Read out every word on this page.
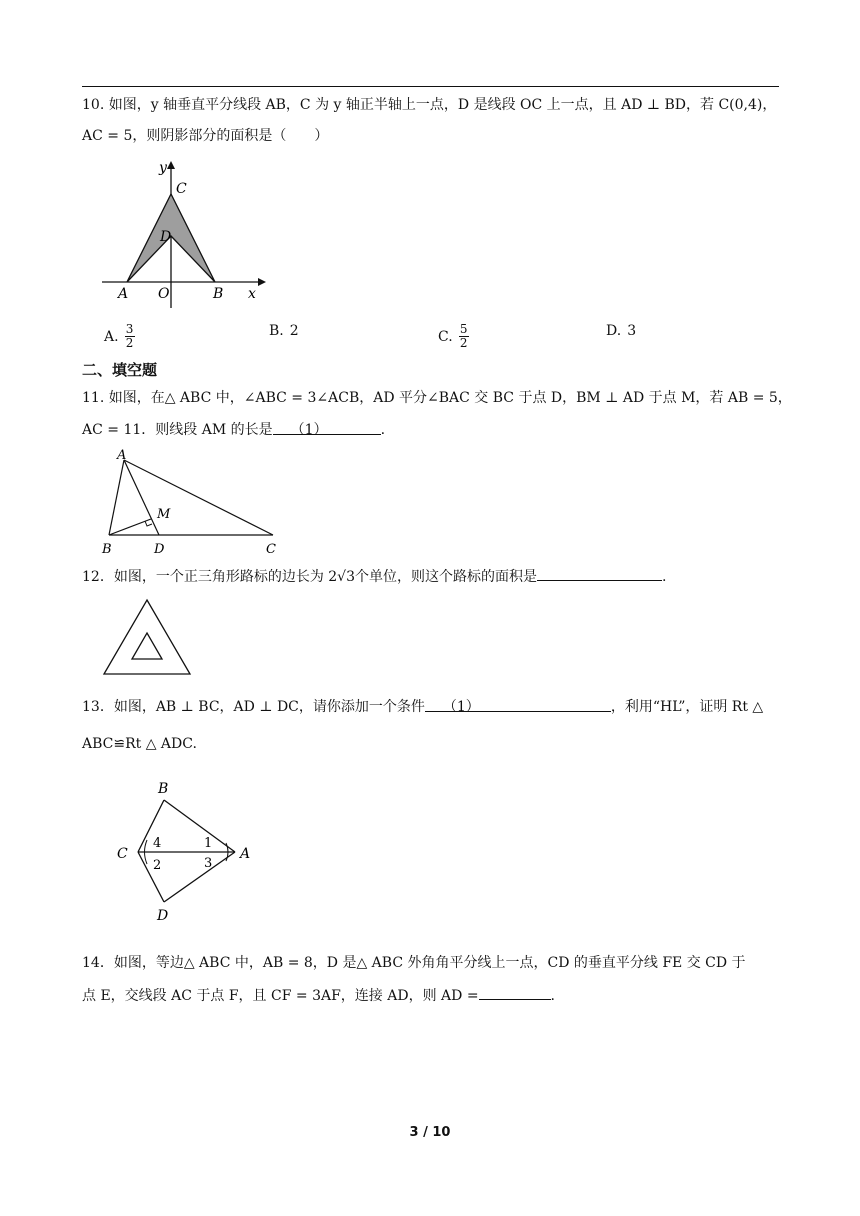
10. 如图，y 轴垂直平分线段 AB，C 为 y 轴正半轴上一点，D 是线段 OC 上一点，且 AD ⊥ BD，若 C(0,4)，
AC = 5，则阴影部分的面积是（　　）
y
C
D
A O	B x
A. $\frac{3}{2}$	B. 2	C. $\frac{5}{2}$	D. 3
二、填空题
11. 如图，在△ ABC 中，∠ABC = 3∠ACB，AD 平分∠BAC 交 BC 于点 D，BM ⊥ AD 于点 M，若 AB = 5，
AC = 11．则线段 AM 的长是 （1）	.
A
M
B	D	C
12．如图，一个正三角形路标的边长为 2√3个单位，则这个路标的面积是	.
13．如图，AB ⊥ BC，AD ⊥ DC，请你添加一个条件 （1）	，利用“HL”，证明 Rt △
ABC≌Rt △ ADC.
B
C	A
D
4
2
1
3
14．如图，等边△ ABC 中，AB = 8，D 是△ ABC 外角角平分线上一点，CD 的垂直平分线 FE 交 CD 于
点 E，交线段 AC 于点 F，且 CF = 3AF，连接 AD，则 AD =	.
3 / 10
